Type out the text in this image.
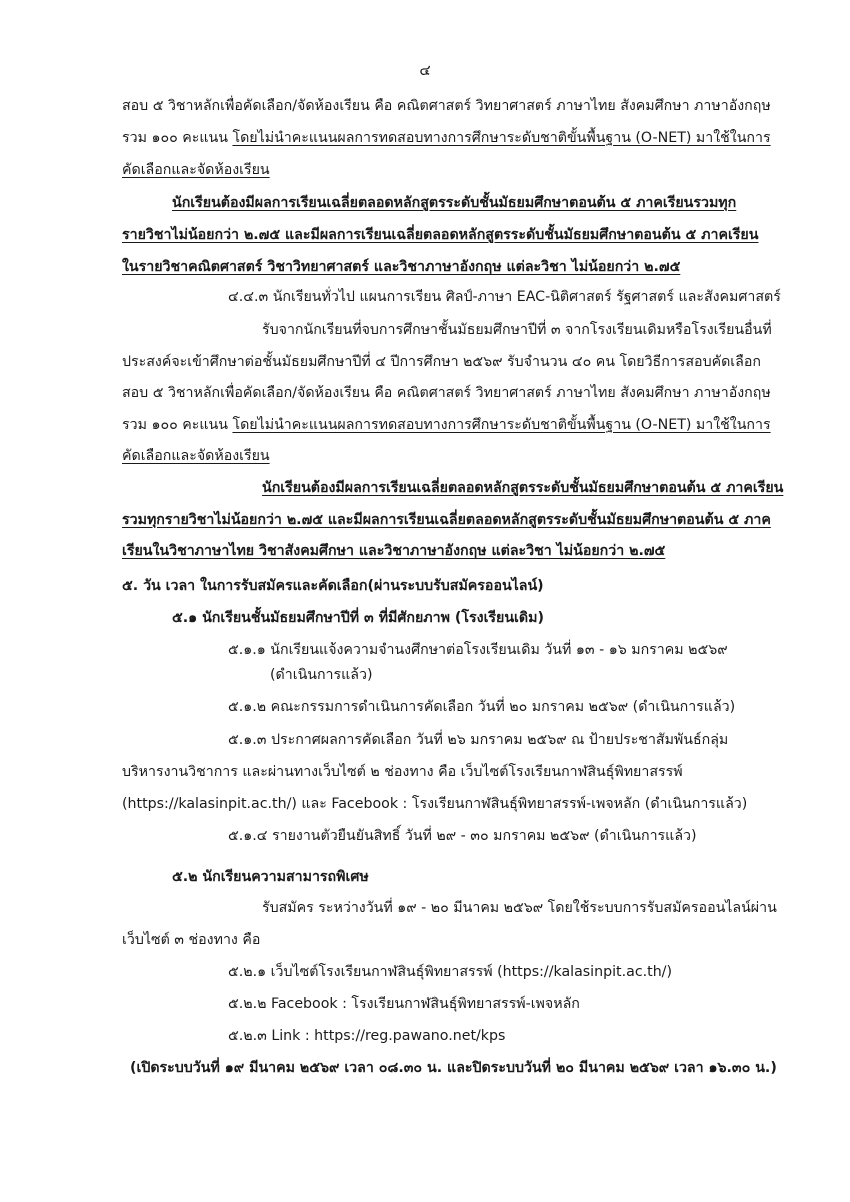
๔
สอบ ๕ วิชาหลักเพื่อคัดเลือก/จัดห้องเรียน คือ คณิตศาสตร์ วิทยาศาสตร์ ภาษาไทย สังคมศึกษา ภาษาอังกฤษ
รวม ๑๐๐ คะแนน โดยไม่นำคะแนนผลการทดสอบทางการศึกษาระดับชาติขั้นพื้นฐาน (O-NET) มาใช้ในการ
คัดเลือกและจัดห้องเรียน
นักเรียนต้องมีผลการเรียนเฉลี่ยตลอดหลักสูตรระดับชั้นมัธยมศึกษาตอนต้น ๕ ภาคเรียนรวมทุก
รายวิชาไม่น้อยกว่า ๒.๗๕ และมีผลการเรียนเฉลี่ยตลอดหลักสูตรระดับชั้นมัธยมศึกษาตอนต้น ๕ ภาคเรียน
ในรายวิชาคณิตศาสตร์ วิชาวิทยาศาสตร์ และวิชาภาษาอังกฤษ แต่ละวิชา ไม่น้อยกว่า ๒.๗๕
๔.๔.๓ นักเรียนทั่วไป แผนการเรียน ศิลป์-ภาษา EAC-นิติศาสตร์ รัฐศาสตร์ และสังคมศาสตร์
รับจากนักเรียนที่จบการศึกษาชั้นมัธยมศึกษาปีที่ ๓ จากโรงเรียนเดิมหรือโรงเรียนอื่นที่
ประสงค์จะเข้าศึกษาต่อชั้นมัธยมศึกษาปีที่ ๔ ปีการศึกษา ๒๕๖๙ รับจำนวน ๔๐ คน โดยวิธีการสอบคัดเลือก
สอบ ๕ วิชาหลักเพื่อคัดเลือก/จัดห้องเรียน คือ คณิตศาสตร์ วิทยาศาสตร์ ภาษาไทย สังคมศึกษา ภาษาอังกฤษ
รวม ๑๐๐ คะแนน โดยไม่นำคะแนนผลการทดสอบทางการศึกษาระดับชาติขั้นพื้นฐาน (O-NET) มาใช้ในการ
คัดเลือกและจัดห้องเรียน
นักเรียนต้องมีผลการเรียนเฉลี่ยตลอดหลักสูตรระดับชั้นมัธยมศึกษาตอนต้น ๕ ภาคเรียน
รวมทุกรายวิชาไม่น้อยกว่า ๒.๗๕ และมีผลการเรียนเฉลี่ยตลอดหลักสูตรระดับชั้นมัธยมศึกษาตอนต้น ๕ ภาค
เรียนในวิชาภาษาไทย วิชาสังคมศึกษา และวิชาภาษาอังกฤษ แต่ละวิชา ไม่น้อยกว่า ๒.๗๕
๕. วัน เวลา ในการรับสมัครและคัดเลือก(ผ่านระบบรับสมัครออนไลน์)
๕.๑ นักเรียนชั้นมัธยมศึกษาปีที่ ๓ ที่มีศักยภาพ (โรงเรียนเดิม)
๕.๑.๑ นักเรียนแจ้งความจำนงศึกษาต่อโรงเรียนเดิม วันที่ ๑๓ - ๑๖ มกราคม ๒๕๖๙
(ดำเนินการแล้ว)
๕.๑.๒ คณะกรรมการดำเนินการคัดเลือก วันที่ ๒๐ มกราคม ๒๕๖๙ (ดำเนินการแล้ว)
๕.๑.๓ ประกาศผลการคัดเลือก วันที่ ๒๖ มกราคม ๒๕๖๙ ณ ป้ายประชาสัมพันธ์กลุ่ม
บริหารงานวิชาการ และผ่านทางเว็บไซต์ ๒ ช่องทาง คือ เว็บไซต์โรงเรียนกาฬสินธุ์พิทยาสรรพ์
(https://kalasinpit.ac.th/) และ Facebook : โรงเรียนกาฬสินธุ์พิทยาสรรพ์-เพจหลัก (ดำเนินการแล้ว)
๕.๑.๔ รายงานตัวยืนยันสิทธิ์ วันที่ ๒๙ - ๓๐ มกราคม ๒๕๖๙ (ดำเนินการแล้ว)
๕.๒ นักเรียนความสามารถพิเศษ
รับสมัคร ระหว่างวันที่ ๑๙ - ๒๐ มีนาคม ๒๕๖๙ โดยใช้ระบบการรับสมัครออนไลน์ผ่าน
เว็บไซต์ ๓ ช่องทาง คือ
๕.๒.๑ เว็บไซต์โรงเรียนกาฬสินธุ์พิทยาสรรพ์ (https://kalasinpit.ac.th/)
๕.๒.๒ Facebook : โรงเรียนกาฬสินธุ์พิทยาสรรพ์-เพจหลัก
๕.๒.๓ Link : https://reg.pawano.net/kps
(เปิดระบบวันที่ ๑๙ มีนาคม ๒๕๖๙ เวลา ๐๘.๓๐ น. และปิดระบบวันที่ ๒๐ มีนาคม ๒๕๖๙ เวลา ๑๖.๓๐ น.)
